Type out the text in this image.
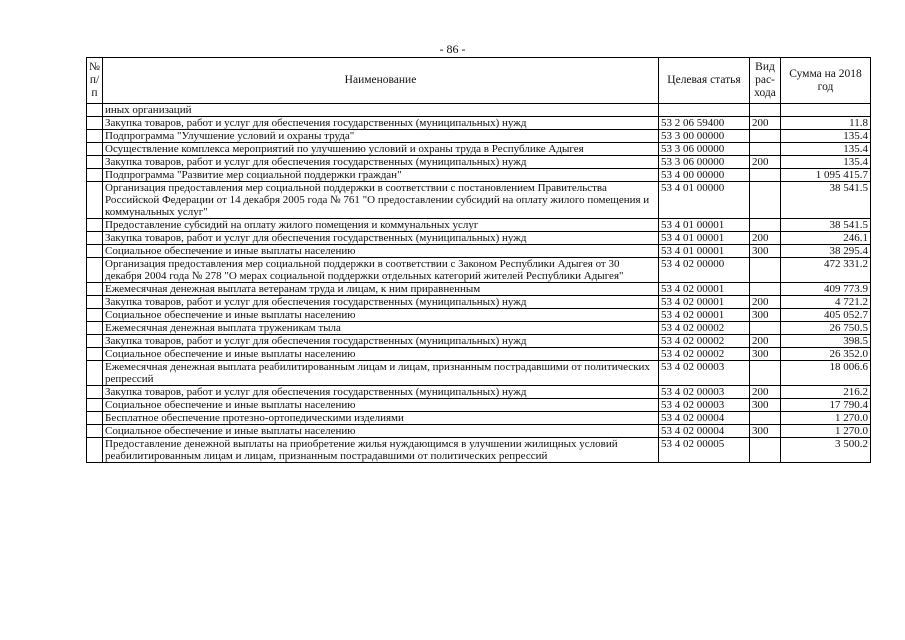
- 86 -
№ п/п	Наименование	Целевая статья	Вид рас-хода	Сумма на 2018 год
	иных организаций			
	Закупка товаров, работ и услуг для обеспечения государственных (муниципальных) нужд	53 2 06 59400	200	11.8
	Подпрограмма "Улучшение условий и охраны труда"	53 3 00 00000		135.4
	Осуществление комплекса мероприятий по улучшению условий и охраны труда в Республике Адыгея	53 3 06 00000		135.4
	Закупка товаров, работ и услуг для обеспечения государственных (муниципальных) нужд	53 3 06 00000	200	135.4
	Подпрограмма "Развитие мер социальной поддержки граждан"	53 4 00 00000		1 095 415.7
	Организация предоставления мер социальной поддержки в соответствии с постановлением Правительства Российской Федерации от 14 декабря 2005 года № 761 "О предоставлении субсидий на оплату жилого помещения и коммунальных услуг"	53 4 01 00000		38 541.5
	Предоставление субсидий на оплату жилого помещения и коммунальных услуг	53 4 01 00001		38 541.5
	Закупка товаров, работ и услуг для обеспечения государственных (муниципальных) нужд	53 4 01 00001	200	246.1
	Социальное обеспечение и иные выплаты населению	53 4 01 00001	300	38 295.4
	Организация предоставления мер социальной поддержки в соответствии с Законом Республики Адыгея от 30 декабря 2004 года № 278 "О мерах социальной поддержки отдельных категорий жителей Республики Адыгея"	53 4 02 00000		472 331.2
	Ежемесячная денежная выплата ветеранам труда и лицам, к ним приравненным	53 4 02 00001		409 773.9
	Закупка товаров, работ и услуг для обеспечения государственных (муниципальных) нужд	53 4 02 00001	200	4 721.2
	Социальное обеспечение и иные выплаты населению	53 4 02 00001	300	405 052.7
	Ежемесячная денежная выплата труженикам тыла	53 4 02 00002		26 750.5
	Закупка товаров, работ и услуг для обеспечения государственных (муниципальных) нужд	53 4 02 00002	200	398.5
	Социальное обеспечение и иные выплаты населению	53 4 02 00002	300	26 352.0
	Ежемесячная денежная выплата реабилитированным лицам и лицам, признанным пострадавшими от политических репрессий	53 4 02 00003		18 006.6
	Закупка товаров, работ и услуг для обеспечения государственных (муниципальных) нужд	53 4 02 00003	200	216.2
	Социальное обеспечение и иные выплаты населению	53 4 02 00003	300	17 790.4
	Бесплатное обеспечение протезно-ортопедическими изделиями	53 4 02 00004		1 270.0
	Социальное обеспечение и иные выплаты населению	53 4 02 00004	300	1 270.0
	Предоставление денежной выплаты на приобретение жилья нуждающимся в улучшении жилищных условий реабилитированным лицам и лицам, признанным пострадавшими от политических репрессий	53 4 02 00005		3 500.2
